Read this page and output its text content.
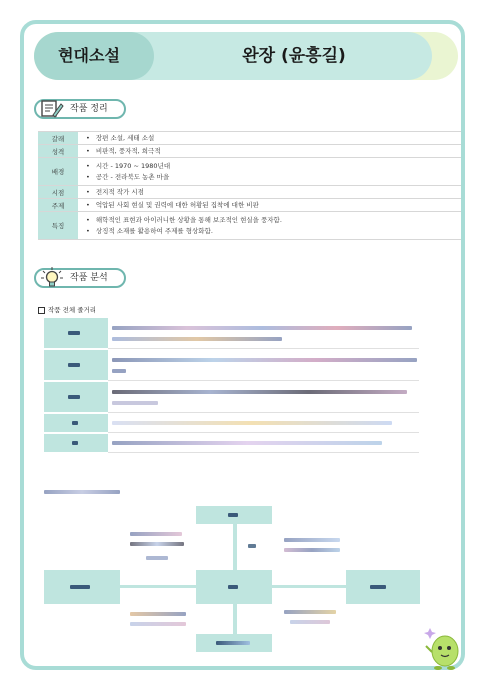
현대소설	완장 (윤흥길)
작품 정리
갈래	• 장편 소설, 세태 소설

성격	• 비판적, 풍자적, 희극적

배경	• 시간 - 1970 ~ 1980년대
• 공간 - 전라북도 농촌 마을

시점	• 전지적 작가 시점

주제	• 억압된 사회 현실 및 권력에 대한 허황된 집착에 대한 비판

특징	• 해학적인 표현과 아이러니한 상황을 통해 보조적인 현실을 풍자함.
• 상징적 소재를 활용하여 주제를 형상화함.
작품 분석
작품 전체 줄거리
